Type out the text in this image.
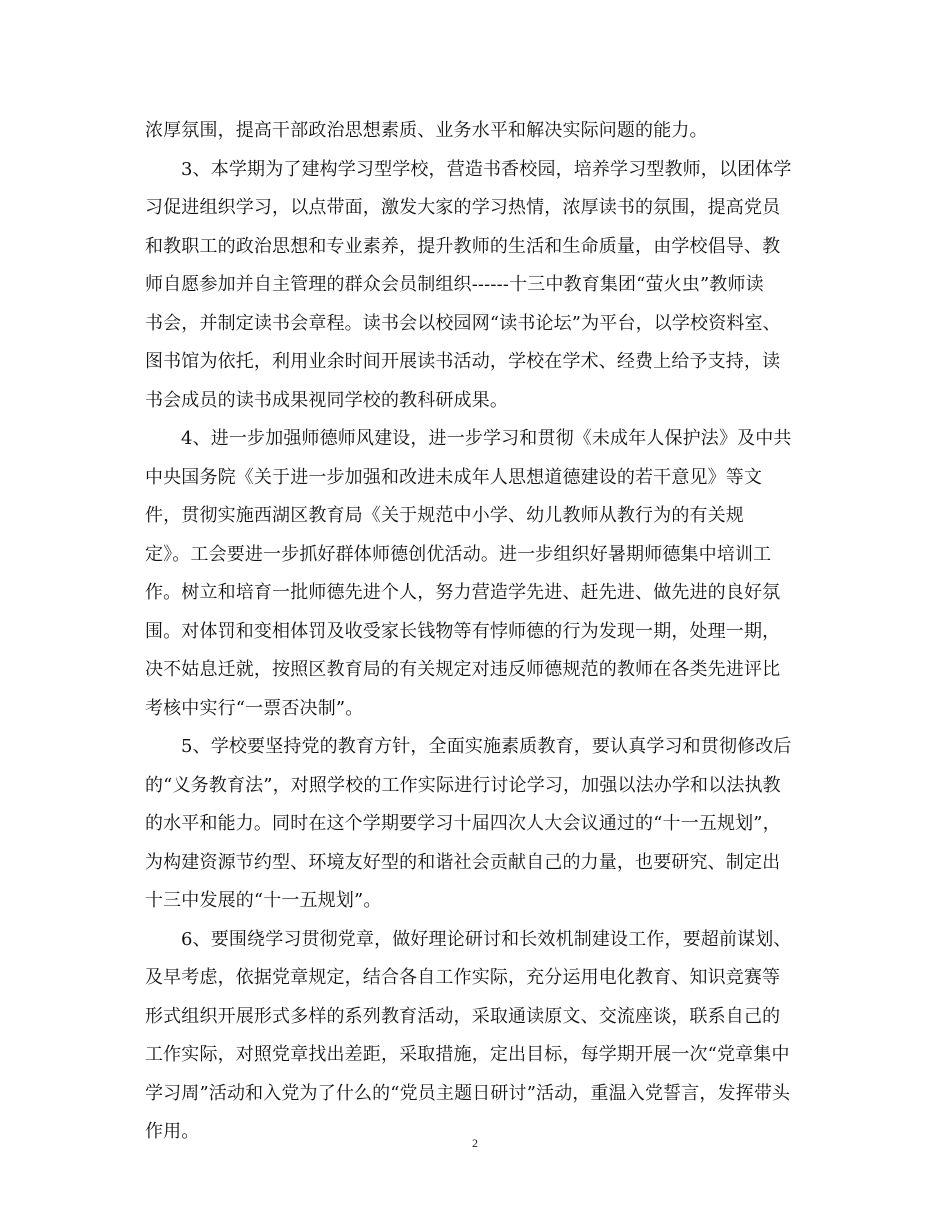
浓厚氛围，提高干部政治思想素质、业务水平和解决实际问题的能力。
3、本学期为了建构学习型学校，营造书香校园，培养学习型教师，以团体学
习促进组织学习，以点带面，激发大家的学习热情，浓厚读书的氛围，提高党员
和教职工的政治思想和专业素养，提升教师的生活和生命质量，由学校倡导、教
师自愿参加并自主管理的群众会员制组织------十三中教育集团“萤火虫”教师读
书会，并制定读书会章程。读书会以校园网“读书论坛”为平台，以学校资料室、
图书馆为依托，利用业余时间开展读书活动，学校在学术、经费上给予支持，读
书会成员的读书成果视同学校的教科研成果。
4、进一步加强师德师风建设，进一步学习和贯彻《未成年人保护法》及中共
中央国务院《关于进一步加强和改进未成年人思想道德建设的若干意见》等文
件，贯彻实施西湖区教育局《关于规范中小学、幼儿教师从教行为的有关规
定》。工会要进一步抓好群体师德创优活动。进一步组织好暑期师德集中培训工
作。树立和培育一批师德先进个人，努力营造学先进、赶先进、做先进的良好氛
围。对体罚和变相体罚及收受家长钱物等有悖师德的行为发现一期，处理一期，
决不姑息迁就，按照区教育局的有关规定对违反师德规范的教师在各类先进评比
考核中实行“一票否决制”。
5、学校要坚持党的教育方针，全面实施素质教育，要认真学习和贯彻修改后
的“义务教育法”，对照学校的工作实际进行讨论学习，加强以法办学和以法执教
的水平和能力。同时在这个学期要学习十届四次人大会议通过的“十一五规划”，
为构建资源节约型、环境友好型的和谐社会贡献自己的力量，也要研究、制定出
十三中发展的“十一五规划”。
6、要围绕学习贯彻党章，做好理论研讨和长效机制建设工作，要超前谋划、
及早考虑，依据党章规定，结合各自工作实际，充分运用电化教育、知识竞赛等
形式组织开展形式多样的系列教育活动，采取通读原文、交流座谈，联系自己的
工作实际，对照党章找出差距，采取措施，定出目标，每学期开展一次“党章集中
学习周”活动和入党为了什么的“党员主题日研讨”活动，重温入党誓言，发挥带头
作用。
2
